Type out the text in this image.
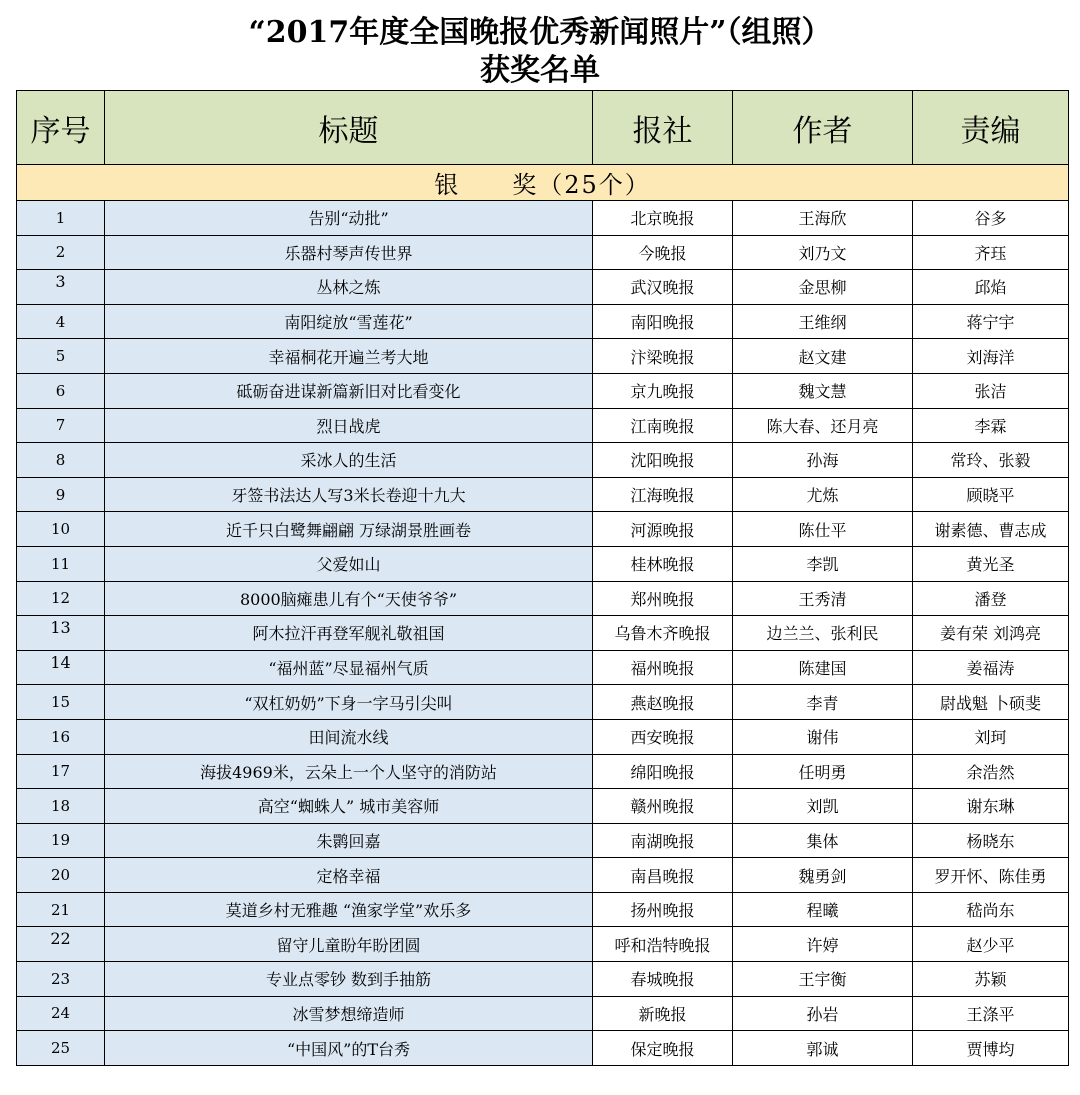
“2017年度全国晚报优秀新闻照片”（组照）
获奖名单
序号	标题	报社	作者	责编
银　　奖（25个）				
1	告别“动批”	北京晚报	王海欣	谷多
2	乐器村琴声传世界	今晚报	刘乃文	齐珏
3	丛林之炼	武汉晚报	金思柳	邱焰
4	南阳绽放“雪莲花”	南阳晚报	王维纲	蒋宁宇
5	幸福桐花开遍兰考大地	汴梁晚报	赵文建	刘海洋
6	砥砺奋进谋新篇新旧对比看变化	京九晚报	魏文慧	张洁
7	烈日战虎	江南晚报	陈大春、还月亮	李霖
8	采冰人的生活	沈阳晚报	孙海	常玲、张毅
9	牙签书法达人写3米长卷迎十九大	江海晚报	尤炼	顾晓平
10	近千只白鹭舞翩翩 万绿湖景胜画卷	河源晚报	陈仕平	谢素德、曹志成
11	父爱如山	桂林晚报	李凯	黄光圣
12	8000脑瘫患儿有个“天使爷爷”	郑州晚报	王秀清	潘登
13	阿木拉汗再登军舰礼敬祖国	乌鲁木齐晚报	边兰兰、张利民	姜有荣 刘鸿亮
14	“福州蓝”尽显福州气质	福州晚报	陈建国	姜福涛
15	“双杠奶奶”下身一字马引尖叫	燕赵晚报	李青	尉战魁 卜硕斐
16	田间流水线	西安晚报	谢伟	刘珂
17	海拔4969米，云朵上一个人坚守的消防站	绵阳晚报	任明勇	余浩然
18	高空“蜘蛛人” 城市美容师	赣州晚报	刘凯	谢东琳
19	朱鹮回嘉	南湖晚报	集体	杨晓东
20	定格幸福	南昌晚报	魏勇剑	罗开怀、陈佳勇
21	莫道乡村无雅趣 “渔家学堂”欢乐多	扬州晚报	程曦	嵇尚东
22	留守儿童盼年盼团圆	呼和浩特晚报	许婷	赵少平
23	专业点零钞 数到手抽筋	春城晚报	王宇衡	苏颖
24	冰雪梦想缔造师	新晚报	孙岩	王涤平
25	“中国风”的T台秀	保定晚报	郭诚	贾博均
